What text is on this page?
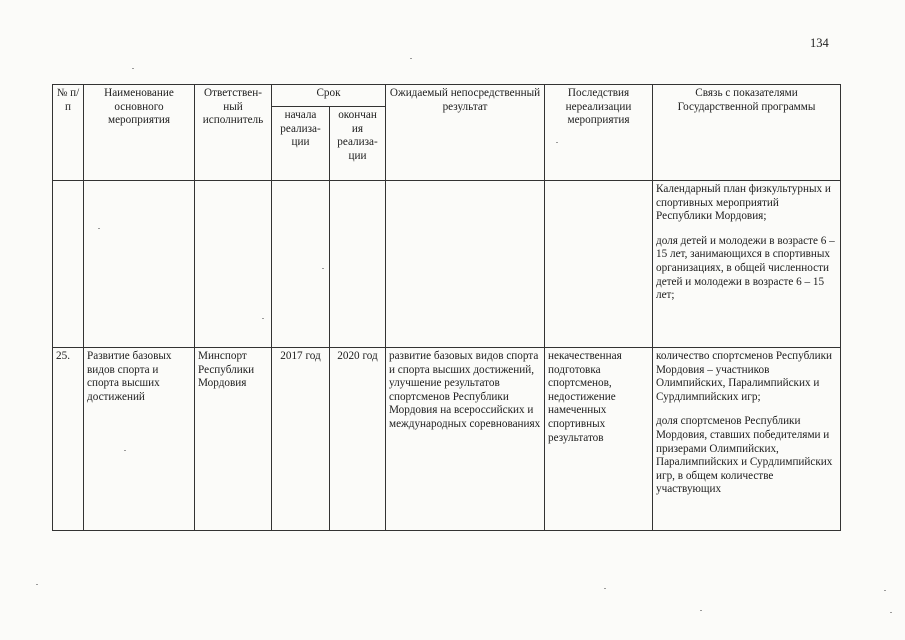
134
№ п/п	Наименование основного мероприятия	Ответствен-ный исполнитель	Срок		Ожидаемый непосредственный результат	Последствия нереализации мероприятия	Связь с показателями Государственной программы
			начала реализа-ции	окончан ия реализа-ции			

							Календарный план физкультурных и спортивных мероприятий Республики Мордовия;
доля детей и молодежи в возрасте 6 – 15 лет, занимающихся в спортивных организациях, в общей численности детей и молодежи в возрасте 6 – 15 лет;

25.	Развитие базовых видов спорта и спорта высших достижений	Минспорт Республики Мордовия	2017 год	2020 год	развитие базовых видов спорта и спорта высших достижений, улучшение результатов спортсменов Республики Мордовия на всероссийских и международных соревнованиях	некачественная подготовка спортсменов, недостижение намеченных спортивных результатов	количество спортсменов Республики Мордовия – участников Олимпийских, Паралимпийских и Сурдлимпийских игр;
доля спортсменов Республики Мордовия, ставших победителями и призерами Олимпийских, Паралимпийских и Сурдлимпийских игр, в общем количестве участвующих
